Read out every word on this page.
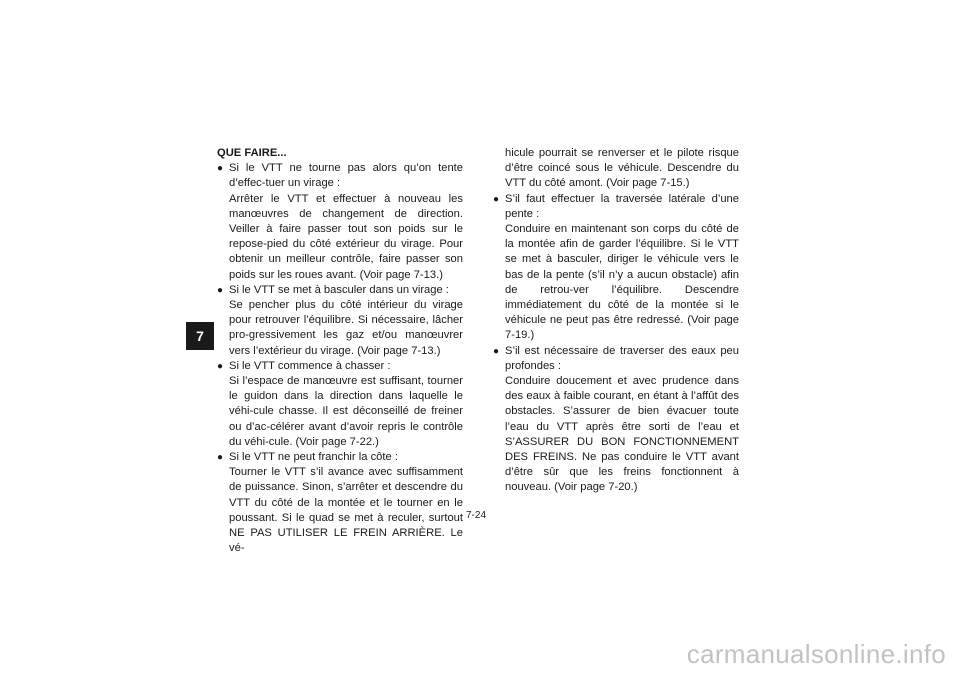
7

QUE FAIRE...

● Si le VTT ne tourne pas alors qu’on tente d’effec-tuer un virage :
Arrêter le VTT et effectuer à nouveau les manœuvres de changement de direction. Veiller à faire passer tout son poids sur le repose-pied du côté extérieur du virage. Pour obtenir un meilleur contrôle, faire passer son poids sur les roues avant. (Voir page 7-13.)
● Si le VTT se met à basculer dans un virage :
Se pencher plus du côté intérieur du virage pour retrouver l’équilibre. Si nécessaire, lâcher pro-gressivement les gaz et/ou manœuvrer vers l’extérieur du virage. (Voir page 7-13.)
● Si le VTT commence à chasser :
Si l’espace de manœuvre est suffisant, tourner le guidon dans la direction dans laquelle le véhi-cule chasse. Il est déconseillé de freiner ou d’ac-célérer avant d’avoir repris le contrôle du véhi-cule. (Voir page 7-22.)
● Si le VTT ne peut franchir la côte :
Tourner le VTT s’il avance avec suffisamment de puissance. Sinon, s’arrêter et descendre du VTT du côté de la montée et le tourner en le poussant. Si le quad se met à reculer, surtout NE PAS UTILISER LE FREIN ARRIÈRE. Le vé-
hicule pourrait se renverser et le pilote risque d’être coincé sous le véhicule. Descendre du VTT du côté amont. (Voir page 7-15.)
● S’il faut effectuer la traversée latérale d’une pente :
Conduire en maintenant son corps du côté de la montée afin de garder l’équilibre. Si le VTT se met à basculer, diriger le véhicule vers le bas de la pente (s’il n’y a aucun obstacle) afin de retrou-ver l’équilibre. Descendre immédiatement du côté de la montée si le véhicule ne peut pas être redressé. (Voir page 7-19.)
● S’il est nécessaire de traverser des eaux peu profondes :
Conduire doucement et avec prudence dans des eaux à faible courant, en étant à l’affût des obstacles. S’assurer de bien évacuer toute l’eau du VTT après être sorti de l’eau et S’ASSURER DU BON FONCTIONNEMENT DES FREINS. Ne pas conduire le VTT avant d’être sûr que les freins fonctionnent à nouveau. (Voir page 7-20.)
7-24
carmanualsonline.info
